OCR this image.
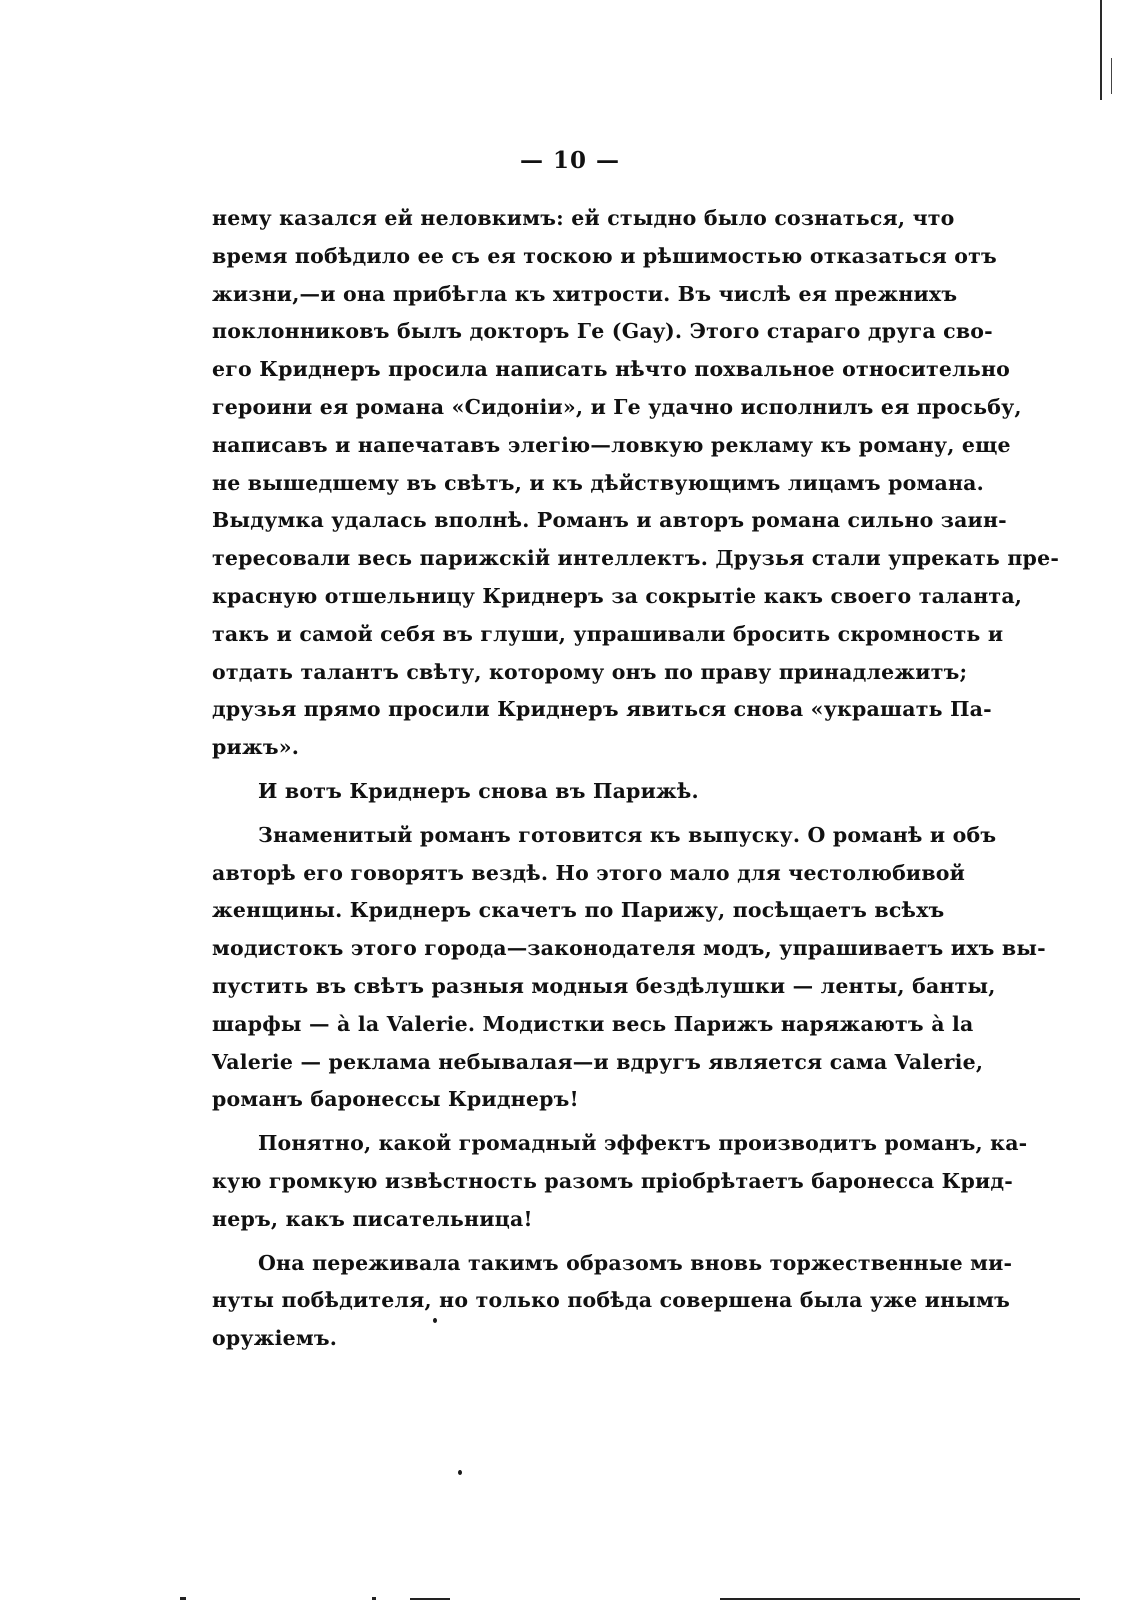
— 10 —
нему казался ей неловкимъ: ей стыдно было сознаться, что
время побѣдило ее съ ея тоскою и рѣшимостью отказаться отъ
жизни,—и она прибѣгла къ хитрости. Въ числѣ ея прежнихъ
поклонниковъ былъ докторъ Ге (Gay). Этого стараго друга сво-
его Криднеръ просила написать нѣчто похвальное относительно
героини ея романа «Сидоніи», и Ге удачно исполнилъ ея просьбу,
написавъ и напечатавъ элегію—ловкую рекламу къ роману, еще
не вышедшему въ свѣтъ, и къ дѣйствующимъ лицамъ романа.
Выдумка удалась вполнѣ. Романъ и авторъ романа сильно заин-
тересовали весь парижскій интеллектъ. Друзья стали упрекать пре-
красную отшельницу Криднеръ за сокрытіе какъ своего таланта,
такъ и самой себя въ глуши, упрашивали бросить скромность и
отдать талантъ свѣту, которому онъ по праву принадлежитъ;
друзья прямо просили Криднеръ явиться снова «украшать Па-
рижъ».
И вотъ Криднеръ снова въ Парижѣ.
Знаменитый романъ готовится къ выпуску. О романѣ и объ
авторѣ его говорятъ вездѣ. Но этого мало для честолюбивой
женщины. Криднеръ скачетъ по Парижу, посѣщаетъ всѣхъ
модистокъ этого города—законодателя модъ, упрашиваетъ ихъ вы-
пустить въ свѣтъ разныя модныя бездѣлушки — ленты, банты,
шарфы — à la Valerie. Модистки весь Парижъ наряжаютъ à la
Valerie — реклама небывалая—и вдругъ является сама Valerie,
романъ баронессы Криднеръ!
Понятно, какой громадный эффектъ производитъ романъ, ка-
кую громкую извѣстность разомъ пріобрѣтаетъ баронесса Крид-
неръ, какъ писательница!
Она переживала такимъ образомъ вновь торжественные ми-
нуты побѣдителя, но только побѣда совершена была уже инымъ
оружіемъ.
